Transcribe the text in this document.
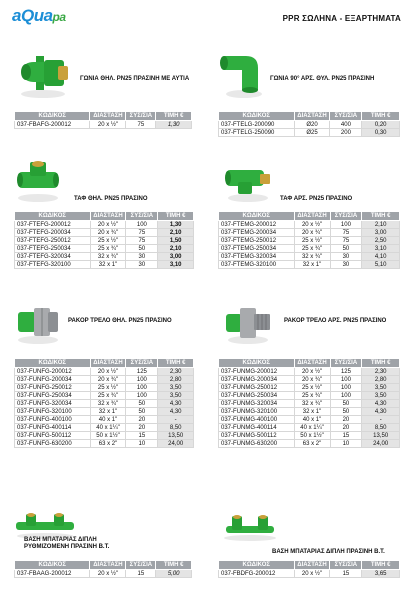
aQuapa	PPR ΣΩΛΗΝΑ - ΕΞΑΡΤΗΜΑΤΑ
ΓΩΝΙΑ ΘΗΛ. PN25 ΠΡΑΣΙΝΗ ΜΕ ΑΥΤΙΑ	ΓΩΝΙΑ 90° ΑΡΣ. ΘΥΛ. PN25 ΠΡΑΣΙΝΗ
ΚΩΔΙΚΟΣ	ΔΙΑΣΤΑΣΗ	ΣΥΣ/ΣΙΑ	ΤΙΜΗ €
037-FBAFG-200012	20 x ½"	75	1,30
ΚΩΔΙΚΟΣ	ΔΙΑΣΤΑΣΗ	ΣΥΣ/ΣΙΑ	ΤΙΜΗ €
037-FTELG-200090	Ø20	400	0,20
037-FTELG-250090	Ø25	200	0,30
ΤΑΦ ΘΗΛ. PN25 ΠΡΑΣΙΝΟ	ΤΑΦ ΑΡΣ. PN25 ΠΡΑΣΙΝΟ
ΚΩΔΙΚΟΣ	ΔΙΑΣΤΑΣΗ	ΣΥΣ/ΣΙΑ	ΤΙΜΗ €
037-FTEFG-200012	20 x ½"	100	1,30
037-FTEFG-200034	20 x ¾"	75	2,10
037-FTEFG-250012	25 x ½"	75	1,50
037-FTEFG-250034	25 x ¾"	50	2,10
037-FTEFG-320034	32 x ¾"	30	3,00
037-FTEFG-320100	32 x 1"	30	3,10
ΚΩΔΙΚΟΣ	ΔΙΑΣΤΑΣΗ	ΣΥΣ/ΣΙΑ	ΤΙΜΗ €
037-FTEMG-200012	20 x ½"	100	2,10
037-FTEMG-200034	20 x ¾"	75	3,00
037-FTEMG-250012	25 x ½"	75	2,50
037-FTEMG-250034	25 x ¾"	50	3,10
037-FTEMG-320034	32 x ¾"	30	4,10
037-FTEMG-320100	32 x 1"	30	5,10
ΡΑΚΟΡ ΤΡΕΛΟ ΘΗΛ. PN25 ΠΡΑΣΙΝΟ	ΡΑΚΟΡ ΤΡΕΛΟ ΑΡΣ. PN25 ΠΡΑΣΙΝΟ
ΚΩΔΙΚΟΣ	ΔΙΑΣΤΑΣΗ	ΣΥΣ/ΣΙΑ	ΤΙΜΗ €
037-FUNFG-200012	20 x ½"	125	2,30
037-FUNFG-200034	20 x ¾"	100	2,80
037-FUNFG-250012	25 x ½"	100	3,50
037-FUNFG-250034	25 x ¾"	100	3,50
037-FUNFG-320034	32 x ¾"	50	4,30
037-FUNFG-320100	32 x 1"	50	4,30
037-FUNFG-400100	40 x 1"	20	-
037-FUNFG-400114	40 x 1¼"	20	8,50
037-FUNFG-500112	50 x 1½"	15	13,50
037-FUNFG-630200	63 x 2"	10	24,00
ΚΩΔΙΚΟΣ	ΔΙΑΣΤΑΣΗ	ΣΥΣ/ΣΙΑ	ΤΙΜΗ €
037-FUNMG-200012	20 x ½"	125	2,30
037-FUNMG-200034	20 x ¾"	100	2,80
037-FUNMG-250012	25 x ½"	100	3,50
037-FUNMG-250034	25 x ¾"	100	3,50
037-FUNMG-320034	32 x ¾"	50	4,30
037-FUNMG-320100	32 x 1"	50	4,30
037-FUNMG-400100	40 x 1"	20	-
037-FUNMG-400114	40 x 1¼"	20	8,50
037-FUNMG-500112	50 x 1½"	15	13,50
037-FUNMG-630200	63 x 2"	10	24,00
ΒΑΣΗ ΜΠΑΤΑΡΙΑΣ ΔΙΠΛΗ
ΡΥΘΜΙΖΟΜΕΝΗ ΠΡΑΣΙΝΗ Β.Τ.
ΒΑΣΗ ΜΠΑΤΑΡΙΑΣ ΔΙΠΛΗ ΠΡΑΣΙΝΗ Β.Τ.
ΚΩΔΙΚΟΣ	ΔΙΑΣΤΑΣΗ	ΣΥΣ/ΣΙΑ	ΤΙΜΗ €
037-FBAAG-200012	20 x ½"	15	5,00
ΚΩΔΙΚΟΣ	ΔΙΑΣΤΑΣΗ	ΣΥΣ/ΣΙΑ	ΤΙΜΗ €
037-FBDFG-200012	20 x ½"	15	3,65
